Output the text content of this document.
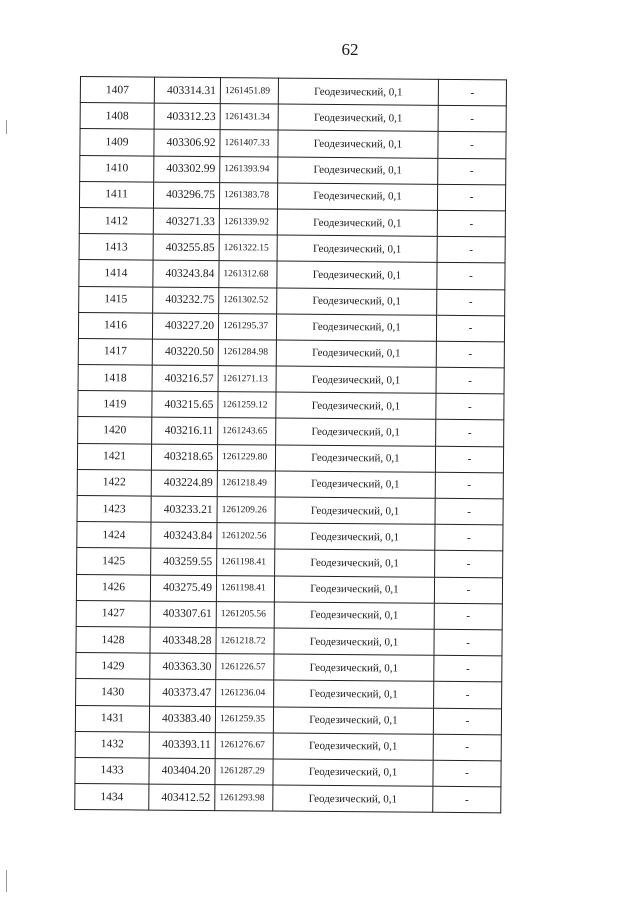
62
1407	403314.31	1261451.89	Геодезический, 0,1	-
1408	403312.23	1261431.34	Геодезический, 0,1	-
1409	403306.92	1261407.33	Геодезический, 0,1	-
1410	403302.99	1261393.94	Геодезический, 0,1	-
1411	403296.75	1261383.78	Геодезический, 0,1	-
1412	403271.33	1261339.92	Геодезический, 0,1	-
1413	403255.85	1261322.15	Геодезический, 0,1	-
1414	403243.84	1261312.68	Геодезический, 0,1	-
1415	403232.75	1261302.52	Геодезический, 0,1	-
1416	403227.20	1261295.37	Геодезический, 0,1	-
1417	403220.50	1261284.98	Геодезический, 0,1	-
1418	403216.57	1261271.13	Геодезический, 0,1	-
1419	403215.65	1261259.12	Геодезический, 0,1	-
1420	403216.11	1261243.65	Геодезический, 0,1	-
1421	403218.65	1261229.80	Геодезический, 0,1	-
1422	403224.89	1261218.49	Геодезический, 0,1	-
1423	403233.21	1261209.26	Геодезический, 0,1	-
1424	403243.84	1261202.56	Геодезический, 0,1	-
1425	403259.55	1261198.41	Геодезический, 0,1	-
1426	403275.49	1261198.41	Геодезический, 0,1	-
1427	403307.61	1261205.56	Геодезический, 0,1	-
1428	403348.28	1261218.72	Геодезический, 0,1	-
1429	403363.30	1261226.57	Геодезический, 0,1	-
1430	403373.47	1261236.04	Геодезический, 0,1	-
1431	403383.40	1261259.35	Геодезический, 0,1	-
1432	403393.11	1261276.67	Геодезический, 0,1	-
1433	403404.20	1261287.29	Геодезический, 0,1	-
1434	403412.52	1261293.98	Геодезический, 0,1	-
